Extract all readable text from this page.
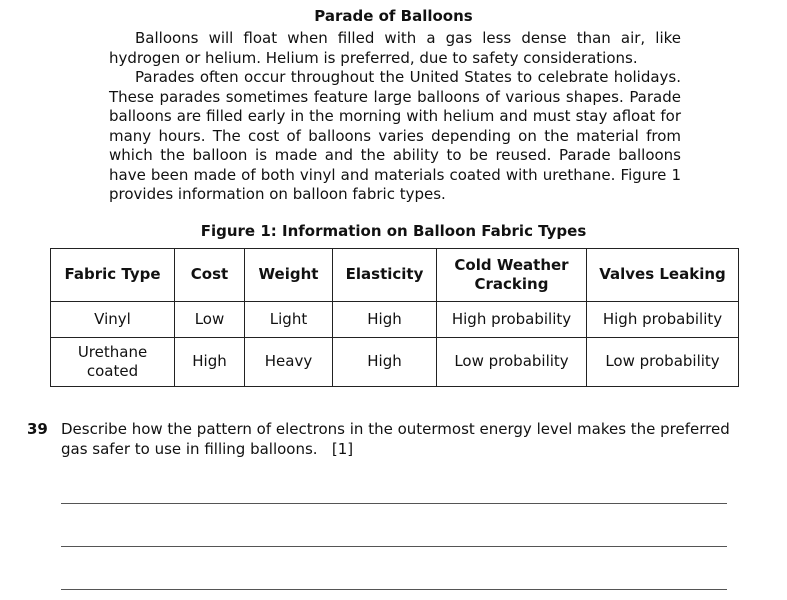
Parade of Balloons

Balloons will float when filled with a gas less dense than air, like hydrogen or helium. Helium is preferred, due to safety considerations.

Parades often occur throughout the United States to celebrate holidays. These parades sometimes feature large balloons of various shapes. Parade balloons are filled early in the morning with helium and must stay afloat for many hours. The cost of balloons varies depending on the material from which the balloon is made and the ability to be reused. Parade balloons have been made of both vinyl and materials coated with urethane. Figure 1 provides information on balloon fabric types.

Figure 1: Information on Balloon Fabric Types
Fabric Type	Cost	Weight	Elasticity	Cold Weather Cracking	Valves Leaking
Vinyl	Low	Light	High	High probability	High probability
Urethane coated	High	Heavy	High	Low probability	Low probability
39 Describe how the pattern of electrons in the outermost energy level makes the preferred gas safer to use in filling balloons. [1]
